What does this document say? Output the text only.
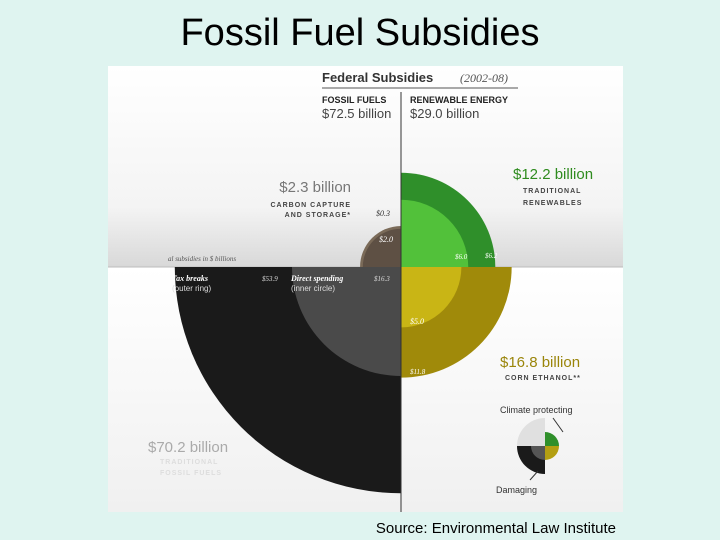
Fossil Fuel Subsidies
Federal Subsidies (2002-08)
FOSSIL FUELS
$72.5 billion
RENEWABLE ENERGY
$29.0 billion
$2.3 billion
CARBON CAPTURE
AND STORAGE*	$0.3
$2.0
$12.2 billion
TRADITIONAL
RENEWABLES
$6.0	$6.2
al subsidies in $ billions
Tax breaks
(outer ring)
$53.9 Direct spending
(inner circle)
$16.3
$70.2 billion
TRADITIONAL
FOSSIL FUELS
$5.0
$11.8
$16.8 billion
CORN ETHANOL**
Climate protecting
Damaging
Source: Environmental Law Institute
